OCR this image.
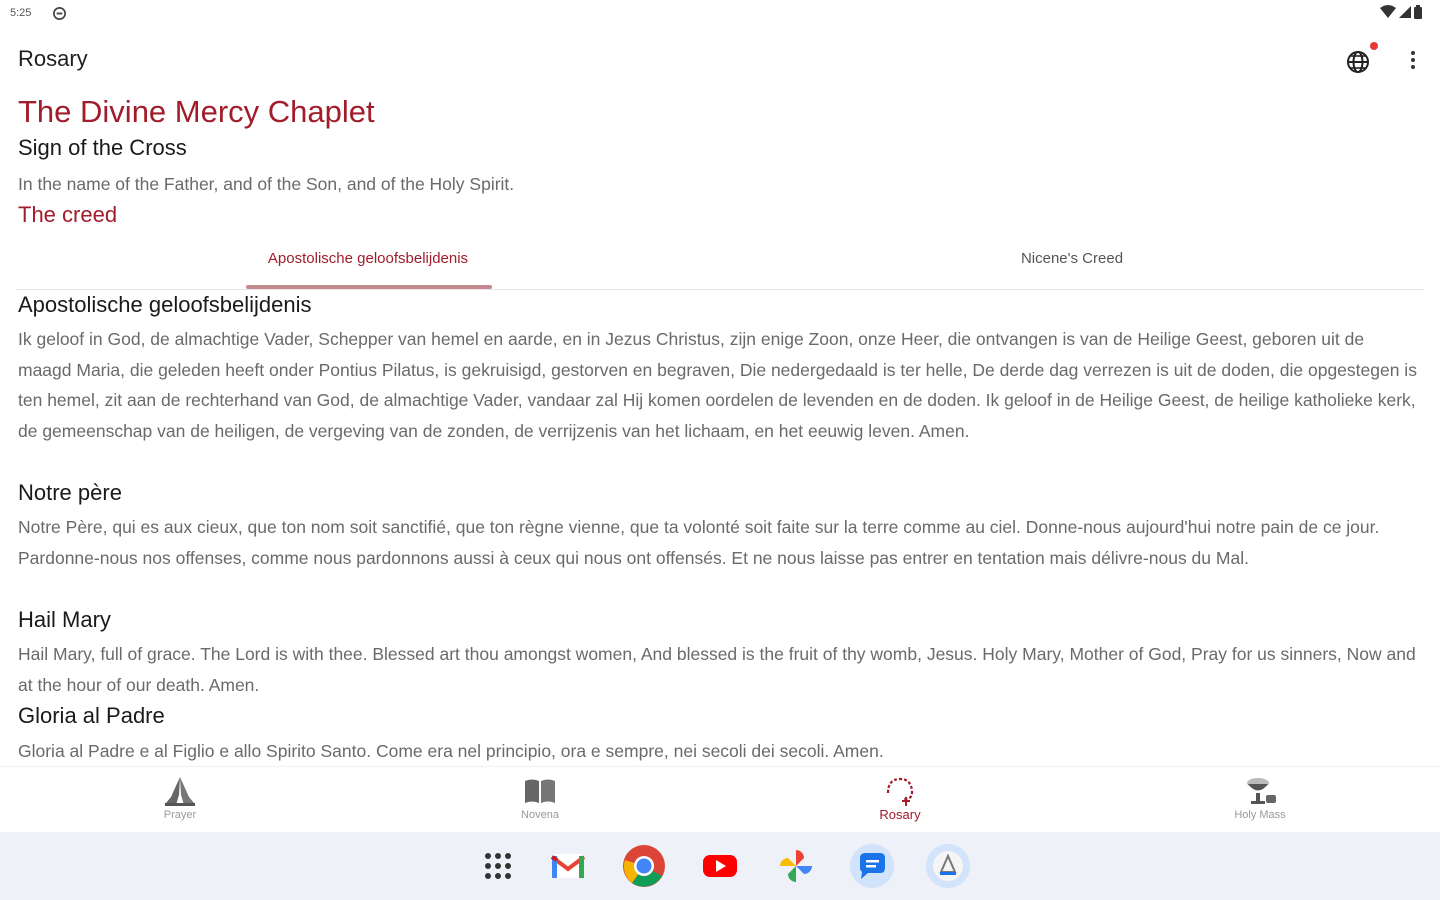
5:25
Rosary
The Divine Mercy Chaplet
Sign of the Cross
In the name of the Father, and of the Son, and of the Holy Spirit.
The creed
Apostolische geloofsbelijdenis	Nicene's Creed
Apostolische geloofsbelijdenis
Ik geloof in God, de almachtige Vader, Schepper van hemel en aarde, en in Jezus Christus, zijn enige Zoon, onze Heer, die ontvangen is van de Heilige Geest, geboren uit de maagd Maria, die geleden heeft onder Pontius Pilatus, is gekruisigd, gestorven en begraven, Die nedergedaald is ter helle, De derde dag verrezen is uit de doden, die opgestegen is ten hemel, zit aan de rechterhand van God, de almachtige Vader, vandaar zal Hij komen oordelen de levenden en de doden. Ik geloof in de Heilige Geest, de heilige katholieke kerk, de gemeenschap van de heiligen, de vergeving van de zonden, de verrijzenis van het lichaam, en het eeuwig leven. Amen.
Notre père
Notre Père, qui es aux cieux, que ton nom soit sanctifié, que ton règne vienne, que ta volonté soit faite sur la terre comme au ciel. Donne-nous aujourd'hui notre pain de ce jour. Pardonne-nous nos offenses, comme nous pardonnons aussi à ceux qui nous ont offensés. Et ne nous laisse pas entrer en tentation mais délivre-nous du Mal.
Hail Mary
Hail Mary, full of grace. The Lord is with thee. Blessed art thou amongst women, And blessed is the fruit of thy womb, Jesus. Holy Mary, Mother of God, Pray for us sinners, Now and at the hour of our death. Amen.
Gloria al Padre
Gloria al Padre e al Figlio e allo Spirito Santo. Come era nel principio, ora e sempre, nei secoli dei secoli. Amen.
Prayer	Novena	Rosary	Holy Mass
